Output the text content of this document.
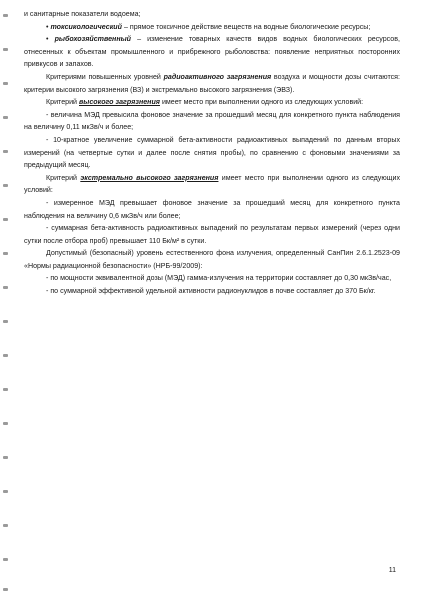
и санитарные показатели водоема;

• токсикологический – прямое токсичное действие веществ на водные биологические ресурсы;

• рыбохозяйственный – изменение товарных качеств видов водных биологических ресурсов, отнесенных к объектам промышленного и прибрежного рыболовства: появление неприятных посторонних привкусов и запахов.

Критериями повышенных уровней радиоактивного загрязнения воздуха и мощности дозы считаются: критерии высокого загрязнения (ВЗ) и экстремально высокого загрязнения (ЭВЗ).

Критерий высокого загрязнения имеет место при выполнении одного из следующих условий:

- величина МЭД превысила фоновое значение за прошедший месяц для конкретного пункта наблюдения на величину 0,11 мкЗв/ч и более;

- 10-кратное увеличение суммарной бета-активности радиоактивных выпадений по данным вторых измерений (на четвертые сутки и далее после снятия пробы), по сравнению с фоновыми значениями за предыдущий месяц.

Критерий экстремально высокого загрязнения имеет место при выполнении одного из следующих условий:

- измеренное МЭД превышает фоновое значение за прошедший месяц для конкретного пункта наблюдения на величину 0,6 мкЗв/ч или более;

- суммарная бета-активность радиоактивных выпадений по результатам первых измерений (через одни сутки после отбора проб) превышает 110 Бк/м² в сутки.

Допустимый (безопасный) уровень естественного фона излучения, определенный СанПин 2.6.1.2523-09 «Нормы радиационной безопасности» (НРБ-99/2009):

- по мощности эквивалентной дозы (МЭД) гамма-излучения на территории составляет до 0,30 мкЗв/час,

- по суммарной эффективной удельной активности радионуклидов в почве составляет до 370 Бк/кг.

11
